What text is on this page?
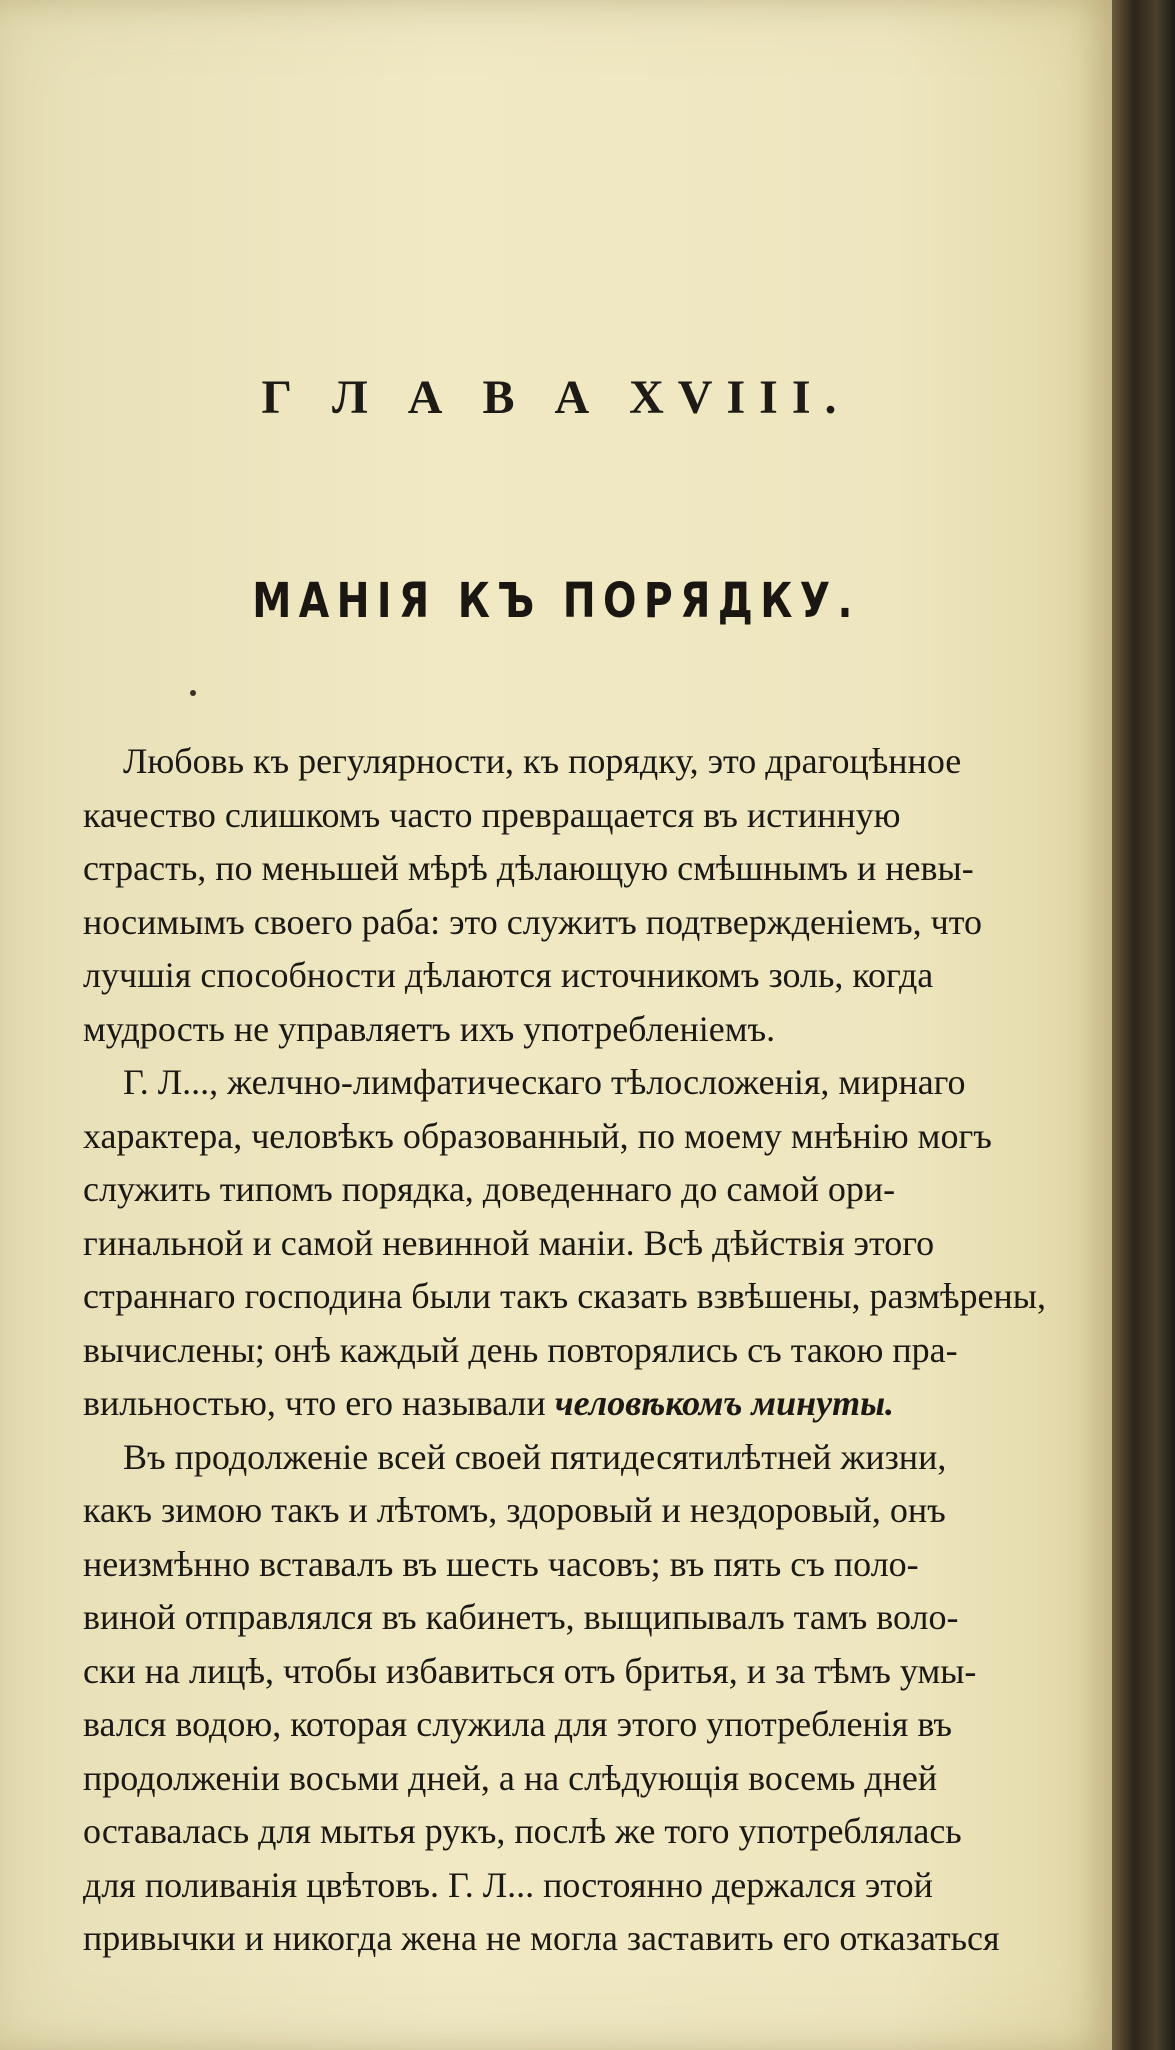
Г Л А В А XVIII.
МАНІЯ КЪ ПОРЯДКУ.
Любовь къ регулярности, къ порядку, это драгоцѣнное
качество слишкомъ часто превращается въ истинную
страсть, по меньшей мѣрѣ дѣлающую смѣшнымъ и невы-
носимымъ своего раба: это служитъ подтвержденіемъ, что
лучшія способности дѣлаются источникомъ золь, когда
мудрость не управляетъ ихъ употребленіемъ.
Г. Л..., желчно-лимфатическаго тѣлосложенія, мирнаго
характера, человѣкъ образованный, по моему мнѣнію могъ
служить типомъ порядка, доведеннаго до самой ори-
гинальной и самой невинной маніи. Всѣ дѣйствія этого
страннаго господина были такъ сказать взвѣшены, размѣрены,
вычислены; онѣ каждый день повторялись съ такою пра-
вильностью, что его называли человѣкомъ минуты.
Въ продолженіе всей своей пятидесятилѣтней жизни,
какъ зимою такъ и лѣтомъ, здоровый и нездоровый, онъ
неизмѣнно вставалъ въ шесть часовъ; въ пять съ поло-
виной отправлялся въ кабинетъ, выщипывалъ тамъ воло-
ски на лицѣ, чтобы избавиться отъ бритья, и за тѣмъ умы-
вался водою, которая служила для этого употребленія въ
продолженіи восьми дней, а на слѣдующія восемь дней
оставалась для мытья рукъ, послѣ же того употреблялась
для поливанія цвѣтовъ. Г. Л... постоянно держался этой
привычки и никогда жена не могла заставить его отказаться
